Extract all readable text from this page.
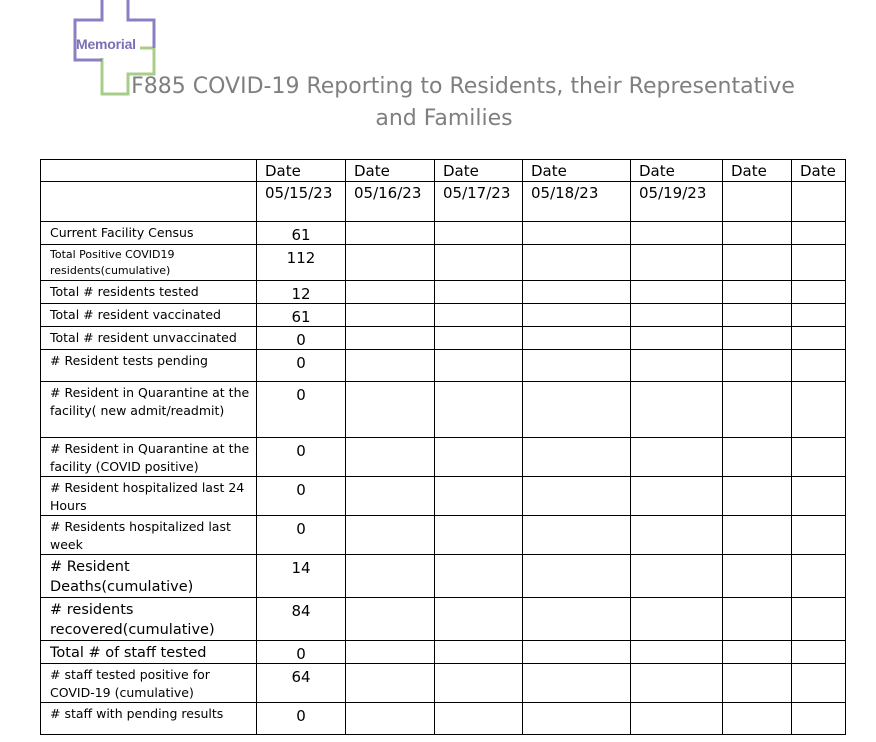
Memorial
F885 COVID-19 Reporting to Residents, their Representative
and Families
	Date	Date	Date	Date	Date	Date	Date
	05/15/23	05/16/23	05/17/23	05/18/23	05/19/23		
Current Facility Census	61						
Total Positive COVID19 residents(cumulative)	112						
Total # residents tested	12						
Total # resident vaccinated	61						
Total # resident unvaccinated	0						
# Resident tests pending	0						
# Resident in Quarantine at the facility( new admit/readmit)	0						
# Resident in Quarantine at the facility (COVID positive)	0						
# Resident hospitalized last 24 Hours	0						
# Residents hospitalized last week	0						
# Resident Deaths(cumulative)	14						
# residents recovered(cumulative)	84						
Total # of staff tested	0						
# staff tested positive for COVID-19 (cumulative)	64						
# staff with pending results	0						
